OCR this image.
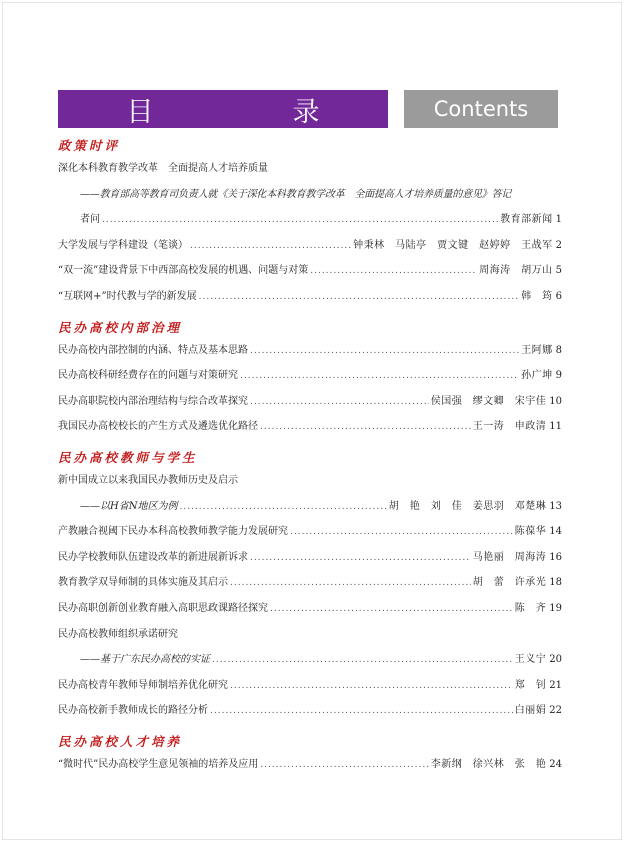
目　录	Contents
政策时评
深化本科教育教学改革　全面提高人才培养质量
——教育部高等教育司负责人就《关于深化本科教育教学改革　全面提高人才培养质量的意见》答记
者问 .....	教育部新闻 1
大学发展与学科建设（笔谈） .....	钟秉林　马陆亭　贾文键　赵婷婷　王战军 2
“双一流”建设背景下中西部高校发展的机遇、问题与对策 .....	周海涛　胡万山 5
“互联网+”时代教与学的新发展 .....	韩　筠 6
民办高校内部治理
民办高校内部控制的内涵、特点及基本思路 .....	王阿娜 8
民办高校科研经费存在的问题与对策研究 .....	孙广坤 9
民办高职院校内部治理结构与综合改革探究 .....	侯国强　缪文卿　宋宇佳 10
我国民办高校校长的产生方式及遴选优化路径 .....	王一涛　申政清 11
民办高校教师与学生
新中国成立以来我国民办教师历史及启示
——以H省N地区为例 .....	胡　艳　刘　佳　姜思羽　邓楚琳 13
产教融合视阈下民办本科高校教师教学能力发展研究 .....	陈葆华 14
民办学校教师队伍建设改革的新进展新诉求 .....	马艳丽　周海涛 16
教育教学双导师制的具体实施及其启示 .....	胡　蕾　许承光 18
民办高职创新创业教育融入高职思政课路径探究 .....	陈　齐 19
民办高校教师组织承诺研究
——基于广东民办高校的实证 .....	王义宁 20
民办高校青年教师导师制培养优化研究 .....	郑　钊 21
民办高校新手教师成长的路径分析 .....	白丽娟 22
民办高校人才培养
“微时代”民办高校学生意见领袖的培养及应用 .....	李新纲　徐兴林　张　艳 24
